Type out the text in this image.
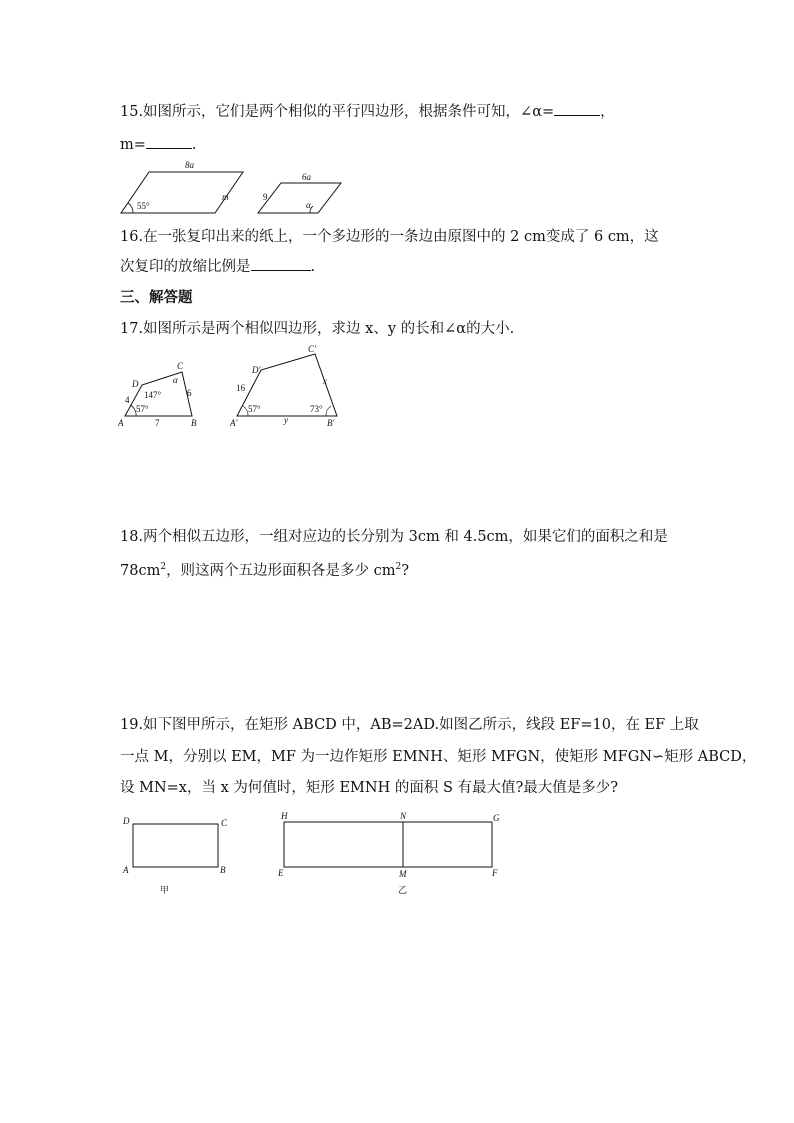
15.如图所示，它们是两个相似的平行四边形，根据条件可知，∠α=	，
m=	.
8a
m
55°
6a
9
α
A	B
C
D
4
7
6
147°
57°
α
A′	B′
C′
D′
16
y
x
57°	73°
D	C
A	B
甲
H	N	G
E	M	F
乙
16.在一张复印出来的纸上，一个多边形的一条边由原图中的 2 cm变成了 6 cm，这
次复印的放缩比例是	.
三、解答题
17.如图所示是两个相似四边形，求边 x、y 的长和∠α的大小.
18.两个相似五边形，一组对应边的长分别为 3cm 和 4.5cm，如果它们的面积之和是
$78cm^2$，则这两个五边形面积各是多少 $cm^2$?
19.如下图甲所示，在矩形 ABCD 中，AB=2AD.如图乙所示，线段 EF=10，在 EF 上取
一点 M，分别以 EM，MF 为一边作矩形 EMNH、矩形 MFGN，使矩形 MFGN∽矩形 ABCD，
设 MN=x，当 x 为何值时，矩形 EMNH 的面积 S 有最大值?最大值是多少?
